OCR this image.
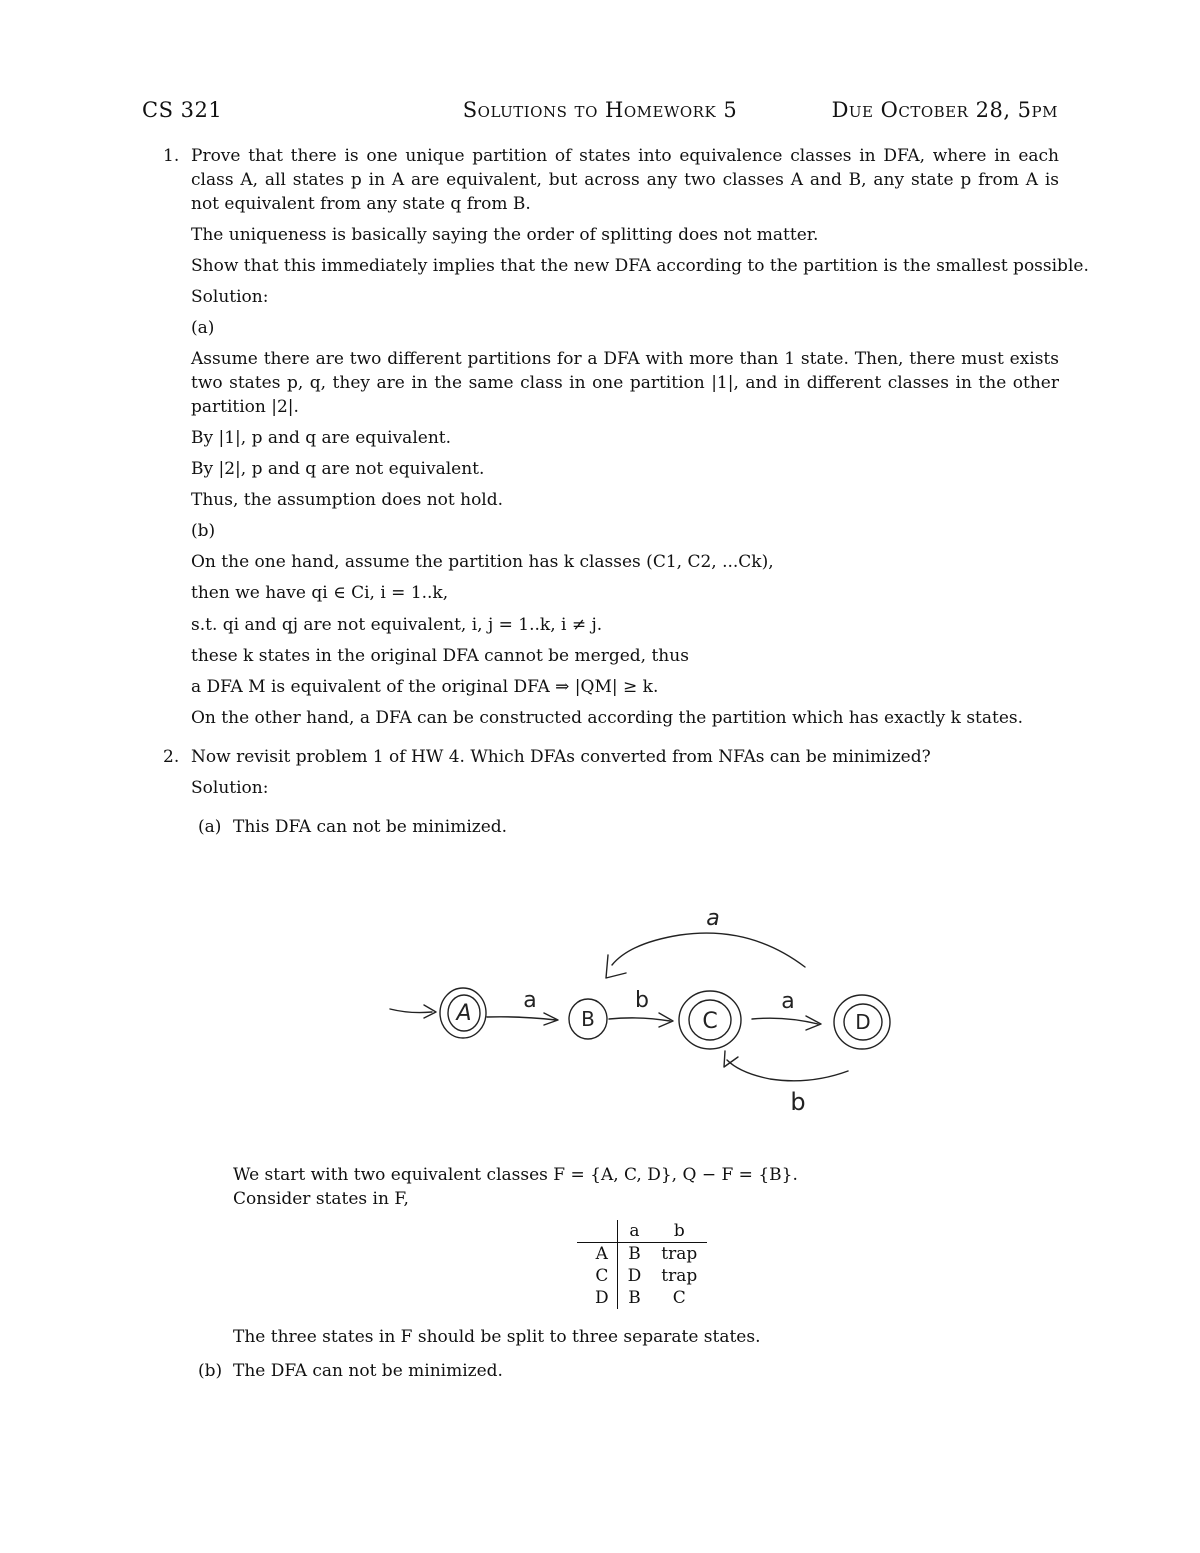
CS 321	Solutions to Homework 5	Due October 28, 5pm
1. Prove that there is one unique partition of states into equivalence classes in DFA, where in each class A, all states p in A are equivalent, but across any two classes A and B, any state p from A is not equivalent from any state q from B.
The uniqueness is basically saying the order of splitting does not matter.
Show that this immediately implies that the new DFA according to the partition is the smallest possible.
Solution:
(a)
Assume there are two different partitions for a DFA with more than 1 state. Then, there must exists two states p, q, they are in the same class in one partition |1|, and in different classes in the other partition |2|.
By |1|, p and q are equivalent.
By |2|, p and q are not equivalent.
Thus, the assumption does not hold.
(b)
On the one hand, assume the partition has k classes (C1, C2, ...Ck),
then we have qi ∈ Ci, i = 1..k,
s.t. qi and qj are not equivalent, i, j = 1..k, i ≠ j.
these k states in the original DFA cannot be merged, thus
a DFA M is equivalent of the original DFA ⇒ |QM| ≥ k.
On the other hand, a DFA can be constructed according the partition which has exactly k states.
2. Now revisit problem 1 of HW 4. Which DFAs converted from NFAs can be minimized?
Solution:
(a) This DFA can not be minimized.
A
a
B
b
C
a
D
a
b
We start with two equivalent classes F = {A, C, D}, Q − F = {B}.
Consider states in F,
	a	b
A	B	trap
C	D	trap
D	B	C
The three states in F should be split to three separate states.
(b) The DFA can not be minimized.
